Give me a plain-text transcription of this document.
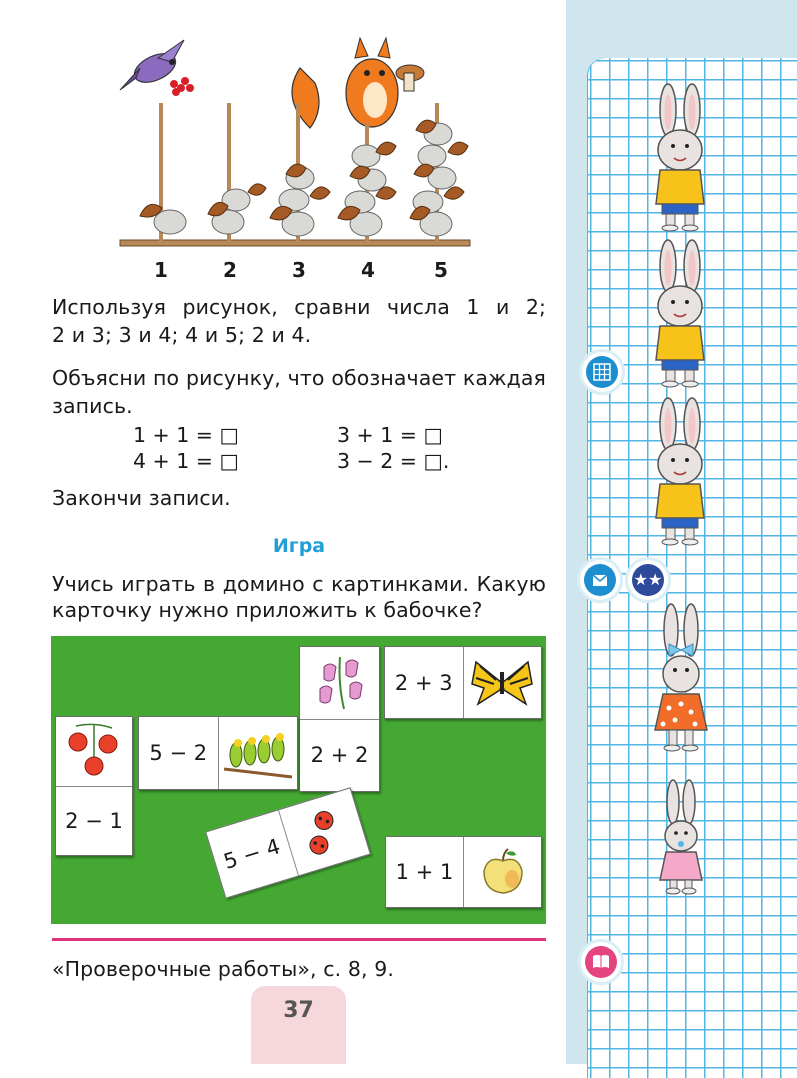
★★
1	2	3	4	5
Используя рисунок, сравни числа 1 и 2;
2 и 3; 3 и 4; 4 и 5; 2 и 4.
Объясни по рисунку, что обозначает каждая
запись.
1 + 1 = □	3 + 1 = □
4 + 1 = □	3 − 2 = □.
Закончи записи.
Игра
Учись играть в домино с картинками. Какую
карточку нужно приложить к бабочке?
2 + 2
2 + 3
5 − 2
2 − 1
5 − 4	1 + 1
«Проверочные работы», с. 8, 9.
37
